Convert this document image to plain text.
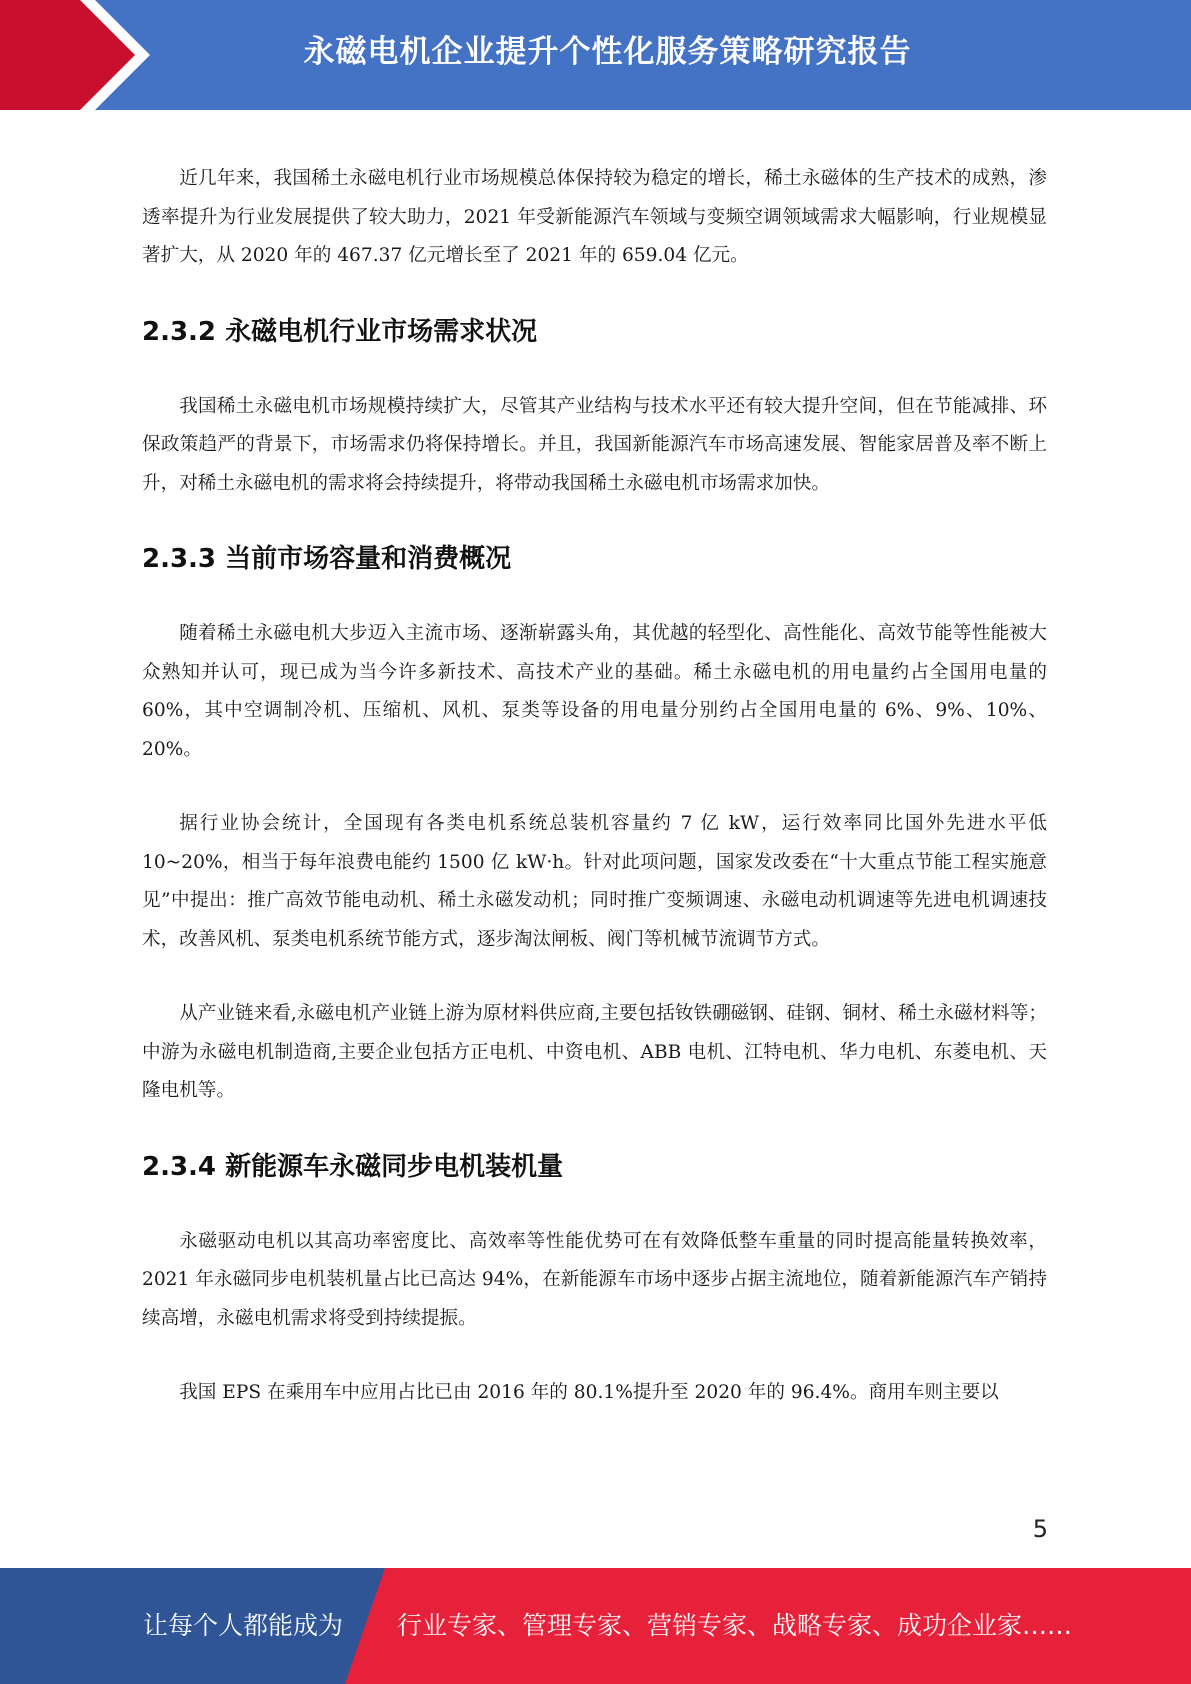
永磁电机企业提升个性化服务策略研究报告

近几年来，我国稀土永磁电机行业市场规模总体保持较为稳定的增长，稀土永磁体的生产技术的成熟，渗透率提升为行业发展提供了较大助力，2021 年受新能源汽车领域与变频空调领域需求大幅影响，行业规模显著扩大，从 2020 年的 467.37 亿元增长至了 2021 年的 659.04 亿元。

2.3.2 永磁电机行业市场需求状况

我国稀土永磁电机市场规模持续扩大，尽管其产业结构与技术水平还有较大提升空间，但在节能减排、环保政策趋严的背景下，市场需求仍将保持增长。并且，我国新能源汽车市场高速发展、智能家居普及率不断上升，对稀土永磁电机的需求将会持续提升，将带动我国稀土永磁电机市场需求加快。

2.3.3 当前市场容量和消费概况

随着稀土永磁电机大步迈入主流市场、逐渐崭露头角，其优越的轻型化、高性能化、高效节能等性能被大众熟知并认可，现已成为当今许多新技术、高技术产业的基础。稀土永磁电机的用电量约占全国用电量的 60%，其中空调制冷机、压缩机、风机、泵类等设备的用电量分别约占全国用电量的 6%、9%、10%、20%。

据行业协会统计，全国现有各类电机系统总装机容量约 7 亿 kW，运行效率同比国外先进水平低 10~20%，相当于每年浪费电能约 1500 亿 kW·h。针对此项问题，国家发改委在“十大重点节能工程实施意见”中提出：推广高效节能电动机、稀土永磁发动机；同时推广变频调速、永磁电动机调速等先进电机调速技术，改善风机、泵类电机系统节能方式，逐步淘汰闸板、阀门等机械节流调节方式。

从产业链来看,永磁电机产业链上游为原材料供应商,主要包括钕铁硼磁钢、硅钢、铜材、稀土永磁材料等；中游为永磁电机制造商,主要企业包括方正电机、中资电机、ABB 电机、江特电机、华力电机、东菱电机、天隆电机等。

2.3.4 新能源车永磁同步电机装机量

永磁驱动电机以其高功率密度比、高效率等性能优势可在有效降低整车重量的同时提高能量转换效率，2021 年永磁同步电机装机量占比已高达 94%，在新能源车市场中逐步占据主流地位，随着新能源汽车产销持续高增，永磁电机需求将受到持续提振。

我国 EPS 在乘用车中应用占比已由 2016 年的 80.1%提升至 2020 年的 96.4%。商用车则主要以

5
让每个人都能成为 行业专家、管理专家、营销专家、战略专家、成功企业家……
